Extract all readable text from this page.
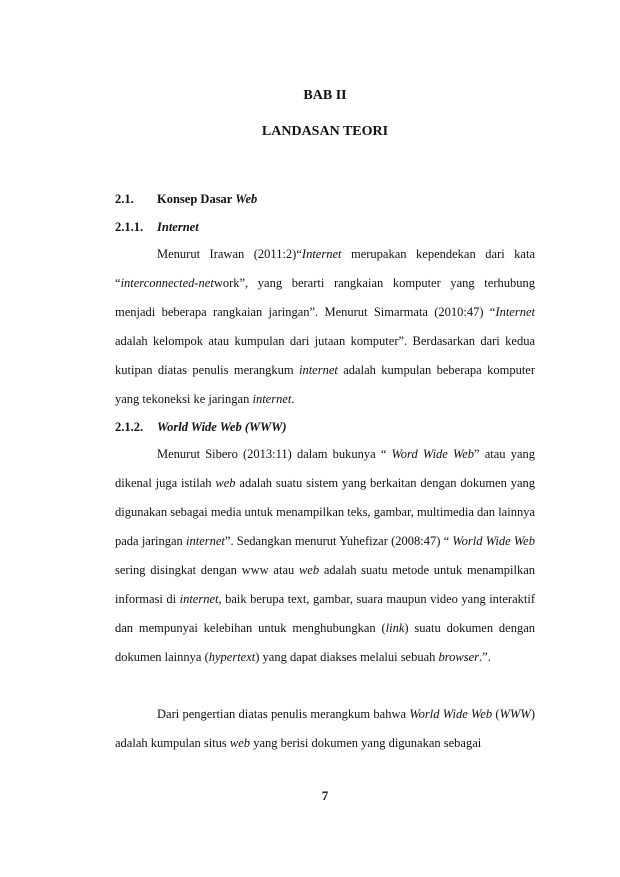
BAB II
LANDASAN TEORI
2.1. Konsep Dasar Web
2.1.1. Internet

Menurut Irawan (2011:2)“Internet merupakan kependekan dari kata “interconnected-network”, yang berarti rangkaian komputer yang terhubung menjadi beberapa rangkaian jaringan”. Menurut Simarmata (2010:47) “Internet adalah kelompok atau kumpulan dari jutaan komputer”. Berdasarkan dari kedua kutipan diatas penulis merangkum internet adalah kumpulan beberapa komputer yang tekoneksi ke jaringan internet.

2.1.2. World Wide Web (WWW)

Menurut Sibero (2013:11) dalam bukunya “ Word Wide Web” atau yang dikenal juga istilah web adalah suatu sistem yang berkaitan dengan dokumen yang digunakan sebagai media untuk menampilkan teks, gambar, multimedia dan lainnya pada jaringan internet”. Sedangkan menurut Yuhefizar (2008:47) “ World Wide Web sering disingkat dengan www atau web adalah suatu metode untuk menampilkan informasi di internet, baik berupa text, gambar, suara maupun video yang interaktif dan mempunyai kelebihan untuk menghubungkan (link) suatu dokumen dengan dokumen lainnya (hypertext) yang dapat diakses melalui sebuah browser.”.

Dari pengertian diatas penulis merangkum bahwa World Wide Web (WWW) adalah kumpulan situs web yang berisi dokumen yang digunakan sebagai

7
